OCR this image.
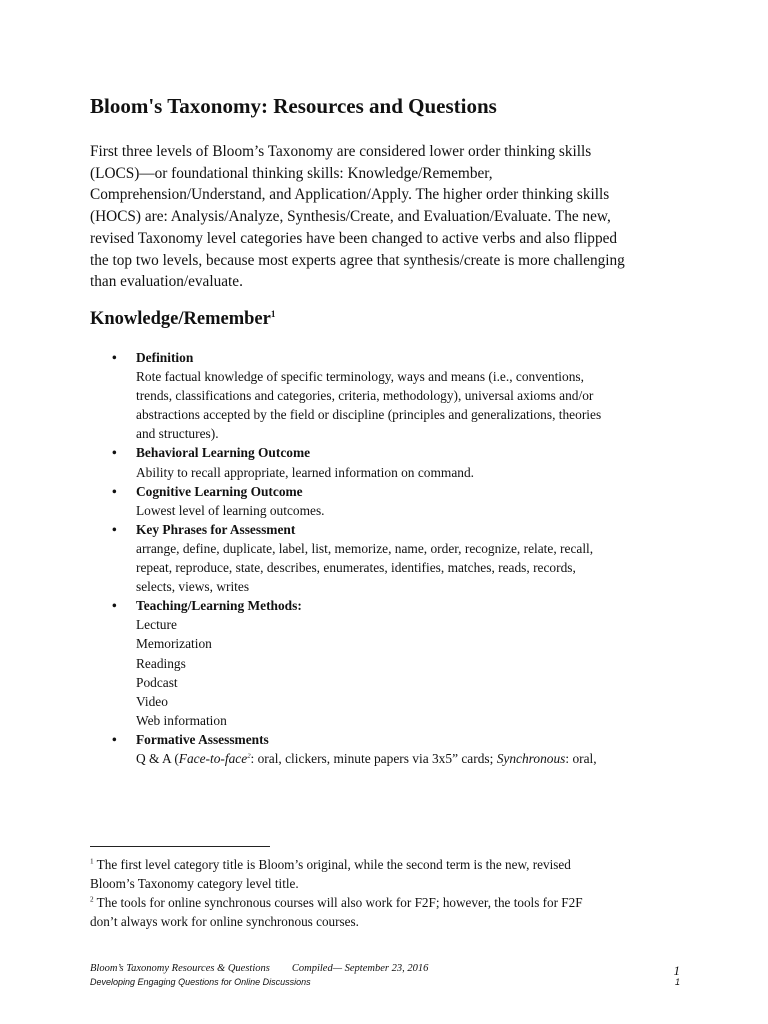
Bloom's Taxonomy: Resources and Questions

First three levels of Bloom’s Taxonomy are considered lower order thinking skills
(LOCS)—or foundational thinking skills: Knowledge/Remember,
Comprehension/Understand, and Application/Apply. The higher order thinking skills
(HOCS) are: Analysis/Analyze, Synthesis/Create, and Evaluation/Evaluate. The new,
revised Taxonomy level categories have been changed to active verbs and also flipped
the top two levels, because most experts agree that synthesis/create is more challenging
than evaluation/evaluate.

Knowledge/Remember$^1$
• Definition
Rote factual knowledge of specific terminology, ways and means (i.e., conventions,
trends, classifications and categories, criteria, methodology), universal axioms and/or
abstractions accepted by the field or discipline (principles and generalizations, theories
and structures).
• Behavioral Learning Outcome
Ability to recall appropriate, learned information on command.
• Cognitive Learning Outcome
Lowest level of learning outcomes.
• Key Phrases for Assessment
arrange, define, duplicate, label, list, memorize, name, order, recognize, relate, recall,
repeat, reproduce, state, describes, enumerates, identifies, matches, reads, records,
selects, views, writes
• Teaching/Learning Methods:
Lecture
Memorization
Readings
Podcast
Video
Web information
• Formative Assessments
Q & A (Face-to-face$^2$: oral, clickers, minute papers via 3x5” cards; Synchronous: oral,
$^1$ The first level category title is Bloom’s original, while the second term is the new, revised
Bloom’s Taxonomy category level title.
$^2$ The tools for online synchronous courses will also work for F2F; however, the tools for F2F
don’t always work for online synchronous courses.
Bloom’s Taxonomy Resources & Questions Compiled— September 23, 2016	1
Developing Engaging Questions for Online Discussions	1
